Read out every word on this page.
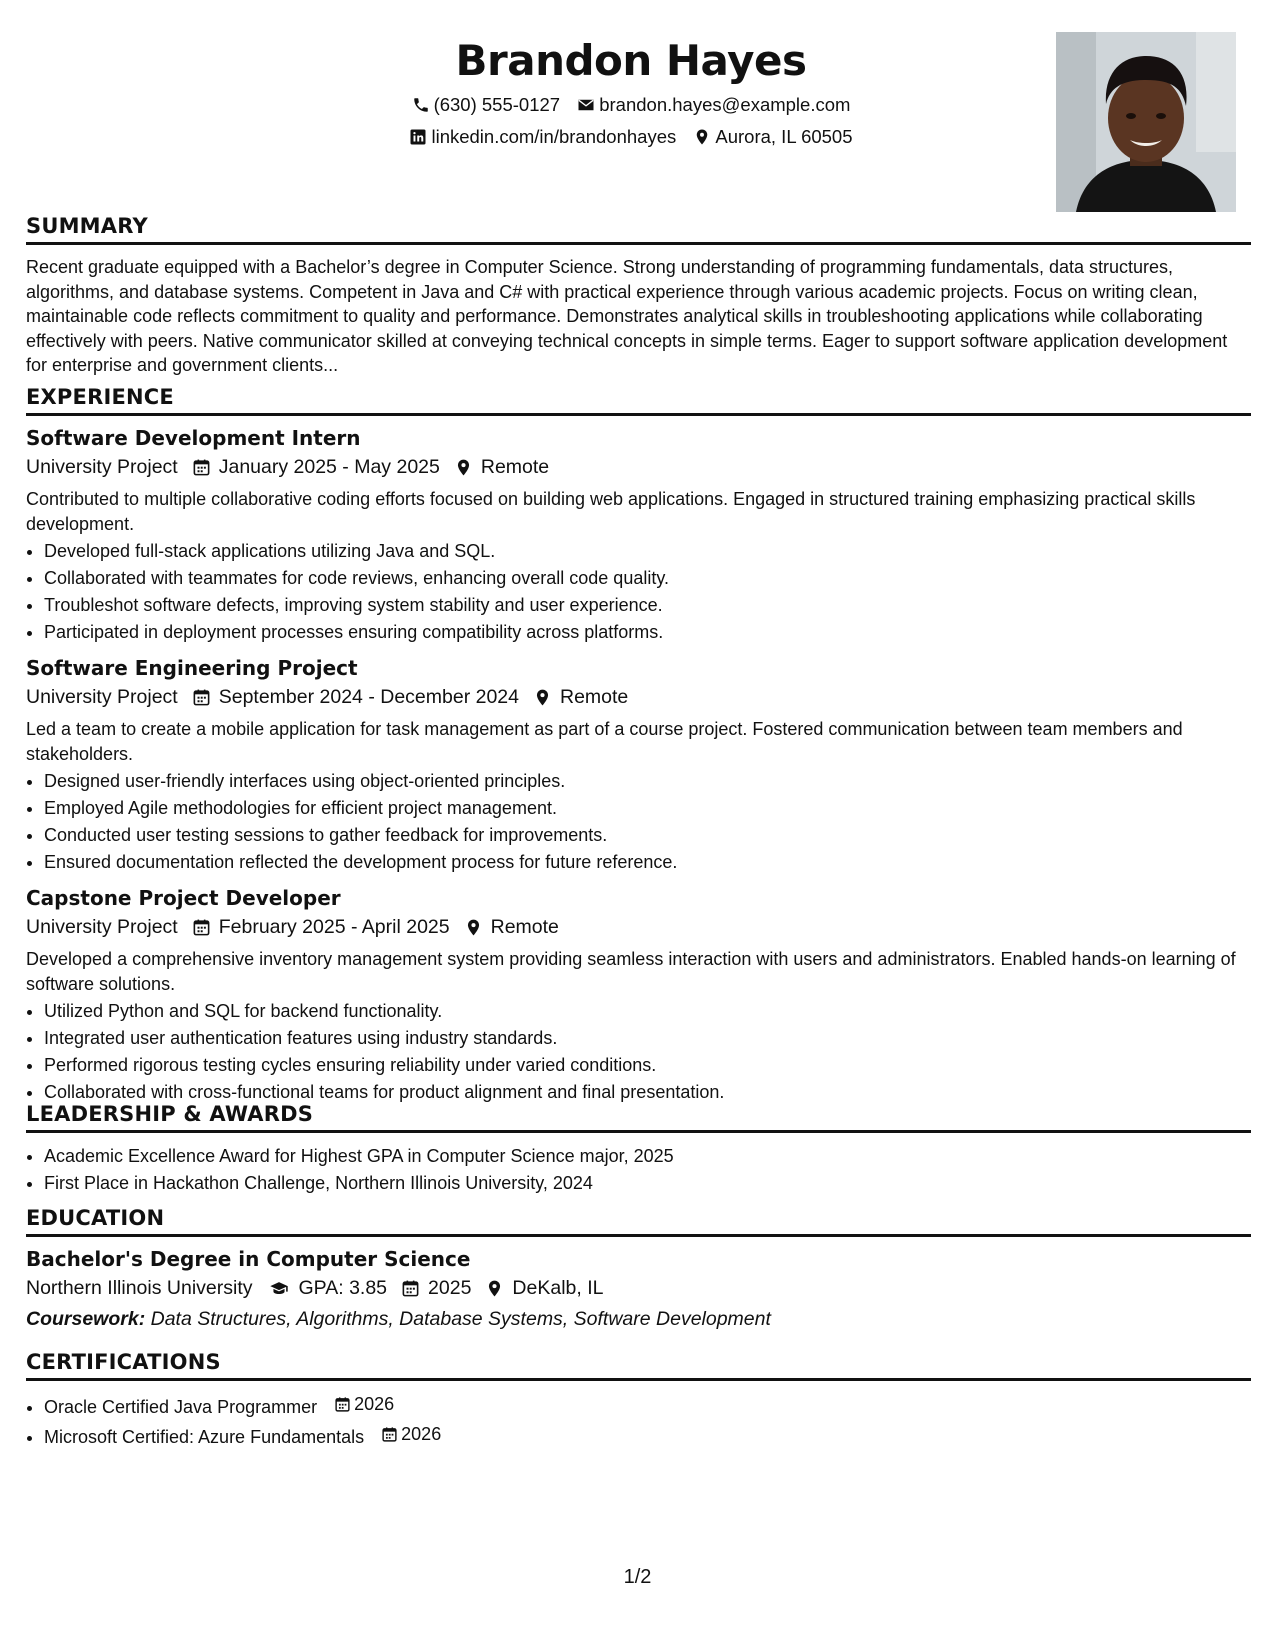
Brandon Hayes
(630) 555-0127
brandon.hayes@example.com
linkedin.com/in/brandonhayes
Aurora, IL 60505
SUMMARY

Recent graduate equipped with a Bachelor’s degree in Computer Science. Strong understanding of programming fundamentals, data structures, algorithms, and database systems. Competent in Java and C# with practical experience through various academic projects. Focus on writing clean, maintainable code reflects commitment to quality and performance. Demonstrates analytical skills in troubleshooting applications while collaborating effectively with peers. Native communicator skilled at conveying technical concepts in simple terms. Eager to support software application development for enterprise and government clients...

EXPERIENCE
Software Development Intern
University Project January 2025 - May 2025 Remote

Contributed to multiple collaborative coding efforts focused on building web applications. Engaged in structured training emphasizing practical skills development.

• Developed full-stack applications utilizing Java and SQL.
• Collaborated with teammates for code reviews, enhancing overall code quality.
• Troubleshot software defects, improving system stability and user experience.
• Participated in deployment processes ensuring compatibility across platforms.
Software Engineering Project
University Project September 2024 - December 2024 Remote

Led a team to create a mobile application for task management as part of a course project. Fostered communication between team members and stakeholders.

• Designed user-friendly interfaces using object-oriented principles.
• Employed Agile methodologies for efficient project management.
• Conducted user testing sessions to gather feedback for improvements.
• Ensured documentation reflected the development process for future reference.
Capstone Project Developer
University Project February 2025 - April 2025 Remote

Developed a comprehensive inventory management system providing seamless interaction with users and administrators. Enabled hands-on learning of software solutions.

• Utilized Python and SQL for backend functionality.
• Integrated user authentication features using industry standards.
• Performed rigorous testing cycles ensuring reliability under varied conditions.
• Collaborated with cross-functional teams for product alignment and final presentation.
LEADERSHIP & AWARDS
• Academic Excellence Award for Highest GPA in Computer Science major, 2025
• First Place in Hackathon Challenge, Northern Illinois University, 2024
EDUCATION
Bachelor's Degree in Computer Science
Northern Illinois University GPA: 3.85 2025 DeKalb, IL
Coursework: Data Structures, Algorithms, Database Systems, Software Development
CERTIFICATIONS
• Oracle Certified Java Programmer 2026
• Microsoft Certified: Azure Fundamentals 2026
1/2
